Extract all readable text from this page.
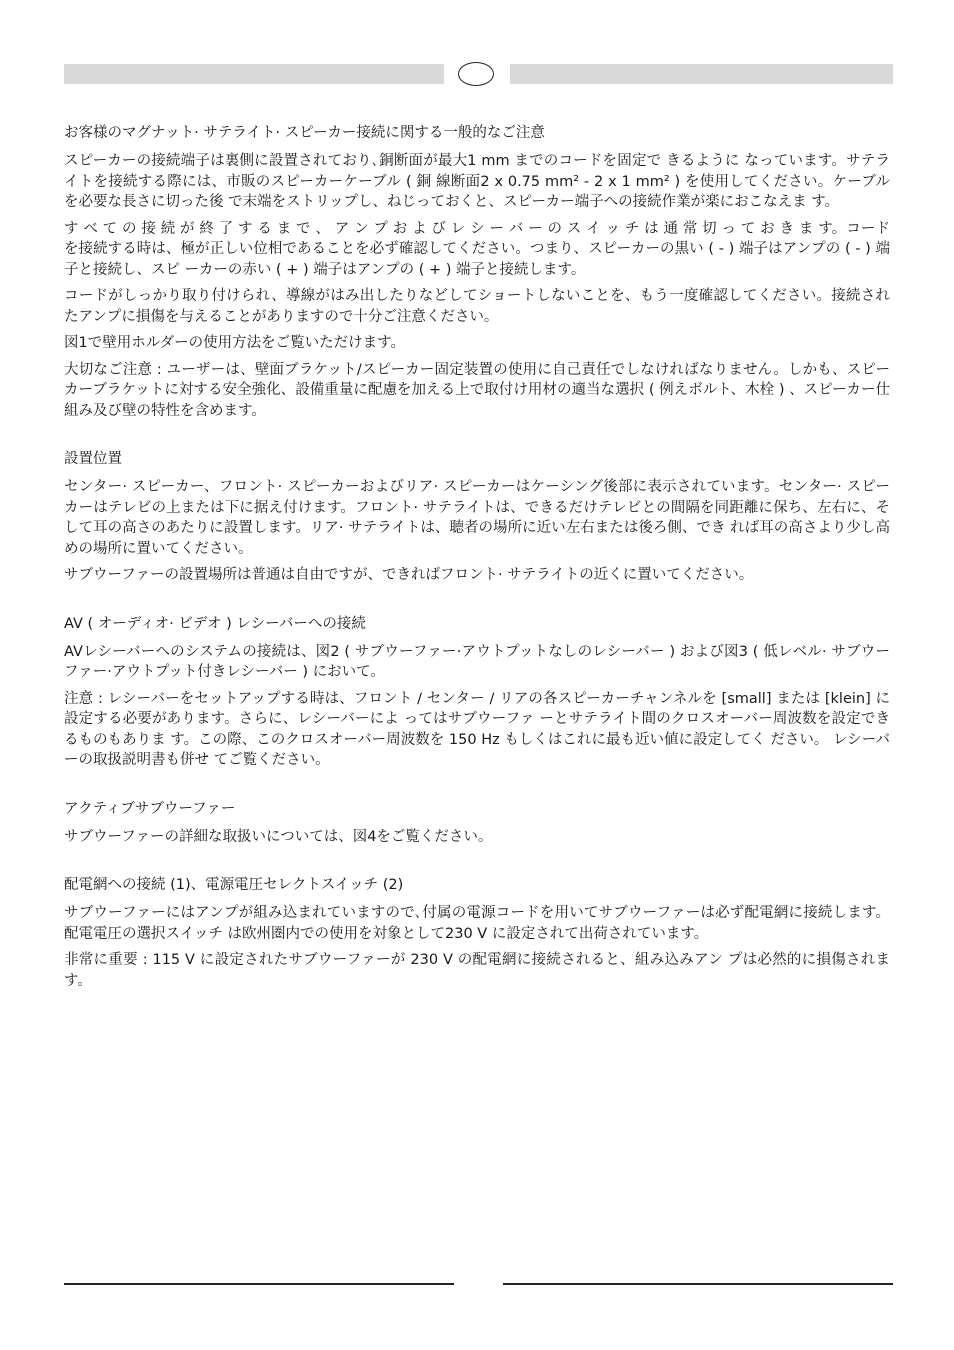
お客様のマグナット· サテライト· スピーカー接続に関する一般的なご注意

スピーカーの接続端子は裏側に設置されており､銅断面が最大1 mm までのコードを固定で きるように なっています。サテライトを接続する際には、市販のスピーカーケーブル ( 銅 線断面2 x 0.75 mm² - 2 x 1 mm² ) を使用してください。ケーブルを必要な長さに切った後 で末端をストリップし、ねじっておくと、スピーカー端子への接続作業が楽におこなえま す。

す べ て の 接 続 が 終 了 す る ま で 、 ア ン プ お よ び レ シ ー バ ー の ス イ ッ チ は 通 常 切 っ て お き ま す。コードを接続する時は、極が正しい位相であることを必ず確認してください。つまり、スピーカーの黒い ( - ) 端子はアンプの ( - ) 端子と接続し、スピ ーカーの赤い ( + ) 端子はアンプの ( + ) 端子と接続します。

コードがしっかり取り付けられ、導線がはみ出したりなどしてショートしないことを、もう一度確認してください。接続されたアンプに損傷を与えることがありますので十分ご注意ください。

図1で壁用ホルダーの使用方法をご覧いただけます。

大切なご注意 : ユーザーは、壁面ブラケット/スピーカー固定装置の使用に自己責任でしなければなりません。しかも、スピーカーブラケットに対する安全強化、設備重量に配慮を加える上で取付け用材の適当な選択 ( 例えボルト、木栓 ) 、スピーカー仕組み及び壁の特性を含めます。

設置位置

センター· スピーカー、フロント· スピーカーおよびリア· スピーカーはケーシング後部に表示されています。センター· スピーカーはテレビの上または下に据え付けます。フロント· サテライトは、できるだけテレビとの間隔を同距離に保ち、左右に、そして耳の高さのあたりに設置します。リア· サテライトは、聴者の場所に近い左右または後ろ側、でき れば耳の高さより少し高めの場所に置いてください。

サブウーファーの設置場所は普通は自由ですが、できればフロント· サテライトの近くに置いてください。

AV ( オーディオ· ビデオ ) レシーバーへの接続

AVレシーバーへのシステムの接続は、図2 ( サブウーファー·アウトプットなしのレシーバー ) および図3 ( 低レベル· サブウーファー·アウトプット付きレシーバー ) において。

注意 : レシーバーをセットアップする時は、フロント / センター / リアの各スピーカーチャンネルを [small] または [klein] に設定する必要があります。さらに、レシーバーによ ってはサブウーファ ーとサテライト間のクロスオーバー周波数を設定できるものもありま す。この際、このクロスオーバー周波数を 150 Hz もしくはこれに最も近い値に設定してく ださい。 レシーバーの取扱説明書も併せ てご覧ください。

アクティブサブウーファー

サブウーファーの詳細な取扱いについては、図4をご覧ください。

配電網への接続 (1)、電源電圧セレクトスイッチ (2)

サブウーファーにはアンプが組み込まれていますので､付属の電源コードを用いてサブウーファーは必ず配電網に接続します。配電電圧の選択スイッチ は欧州圏内での使用を対象として230 V に設定されて出荷されています。

非常に重要 : 115 V に設定されたサブウーファーが 230 V の配電網に接続されると、組み込みアン プは必然的に損傷されます。
